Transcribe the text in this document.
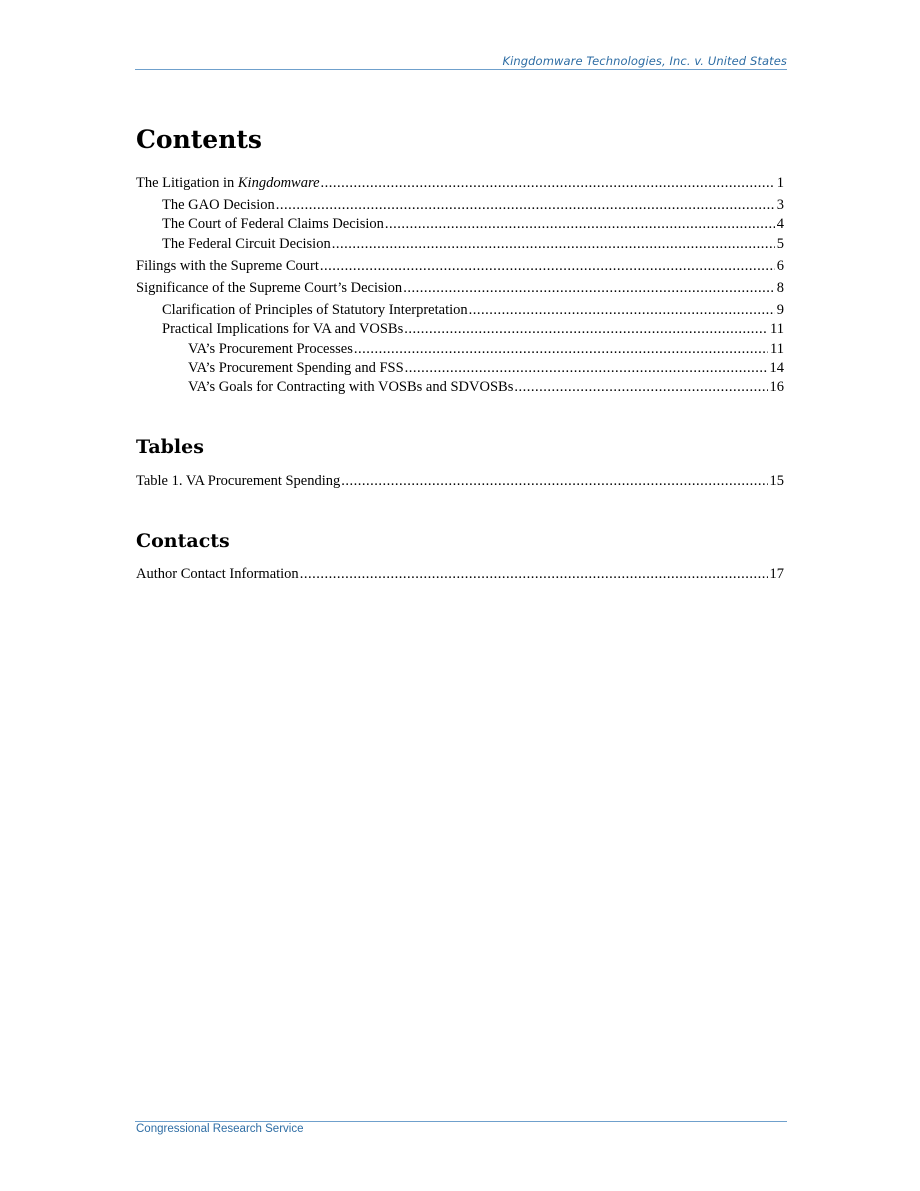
Kingdomware Technologies, Inc. v. United States
Contents
The Litigation in Kingdomware .....	1
The GAO Decision .....	3
The Court of Federal Claims Decision .....	4
The Federal Circuit Decision .....	5
Filings with the Supreme Court .....	6
Significance of the Supreme Court’s Decision .....	8
Clarification of Principles of Statutory Interpretation .....	9
Practical Implications for VA and VOSBs .....	11
VA’s Procurement Processes .....	11
VA’s Procurement Spending and FSS .....	14
VA’s Goals for Contracting with VOSBs and SDVOSBs .....	16
Tables
Table 1. VA Procurement Spending .....	15
Contacts
Author Contact Information .....	17
Congressional Research Service
